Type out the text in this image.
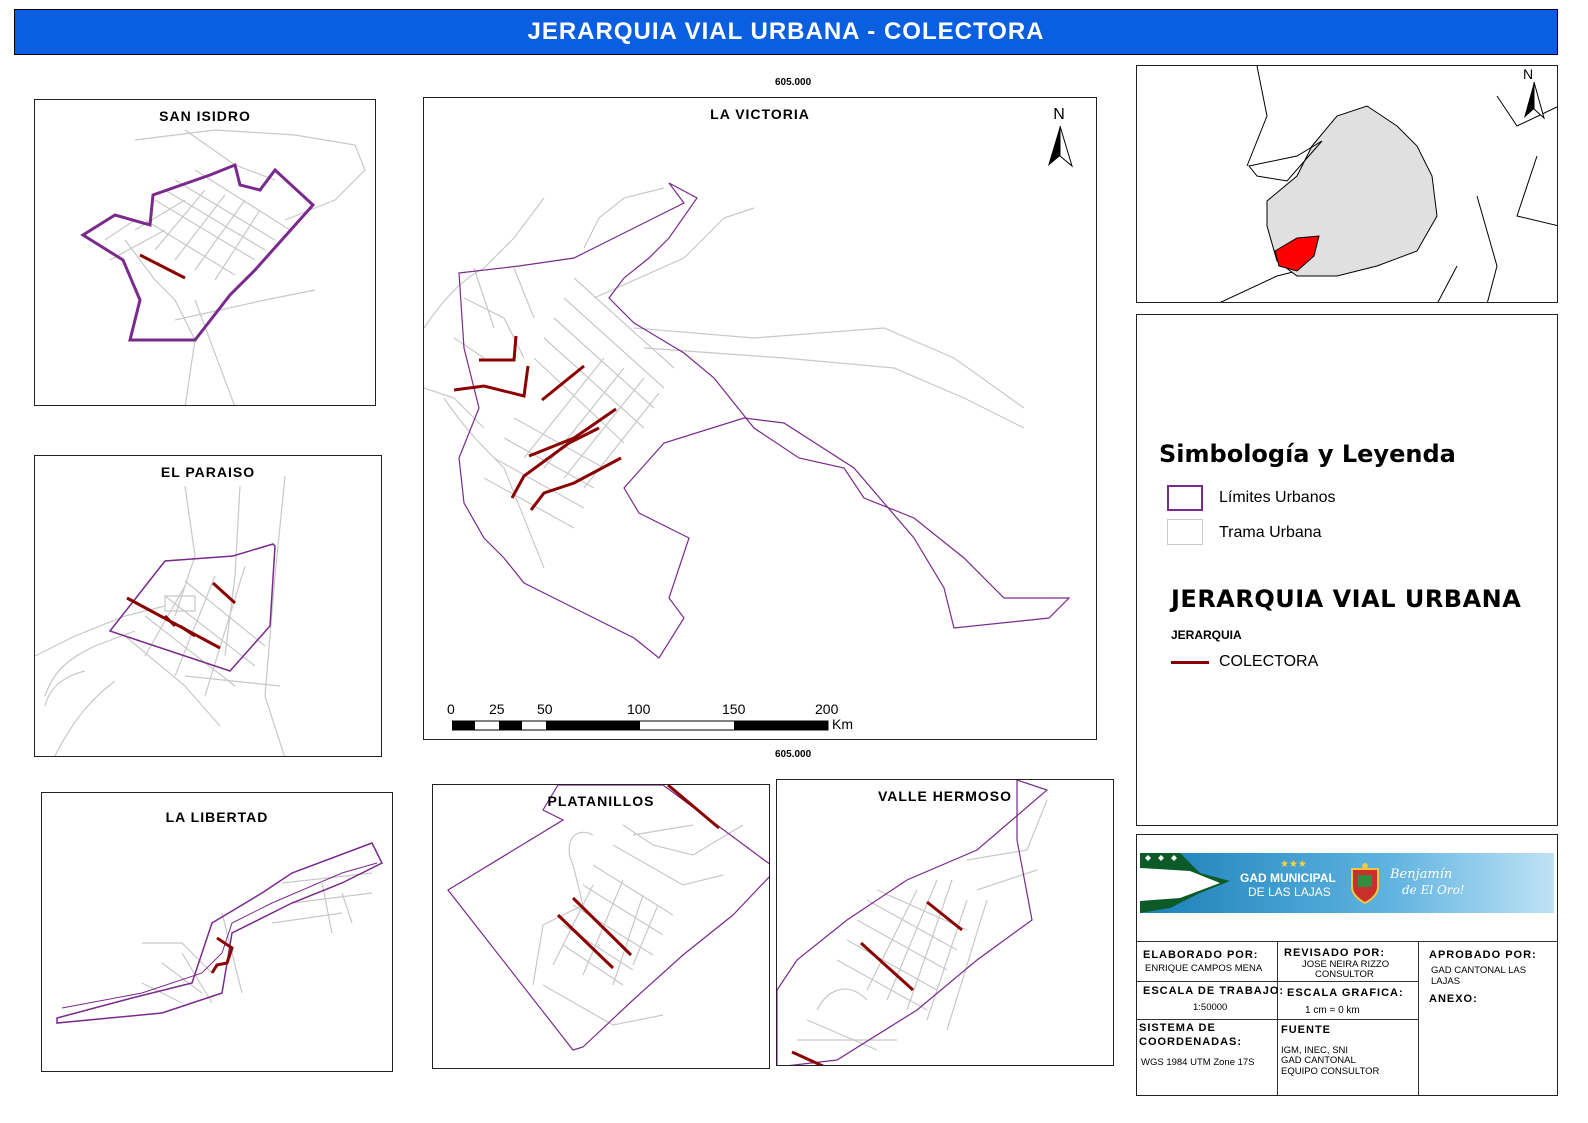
JERARQUIA VIAL URBANA - COLECTORA
SAN ISIDRO
EL PARAISO
LA LIBERTAD
605.000
LA VICTORIA	N
0 25 50	100	150	200
Km
605.000
PLATANILLOS	VALLE HERMOSO
N
Simbología y Leyenda
Límites Urbanos
Trama Urbana
JERARQUIA VIAL URBANA
JERARQUIA
COLECTORA
★★★
GAD MUNICIPAL
DE LAS LAJAS
Benjamín
de El Oro!
ELABORADO POR:
ENRIQUE CAMPOS MENA
REVISADO POR:
JOSE NEIRA RIZZO
CONSULTOR
APROBADO POR:
GAD CANTONAL LAS LAJAS
ESCALA DE TRABAJO:
1:50000
ESCALA GRAFICA:
1 cm = 0 km
ANEXO:
SISTEMA DE
COORDENADAS:
WGS 1984 UTM Zone 17S
FUENTE
IGM, INEC, SNI
GAD CANTONAL
EQUIPO CONSULTOR
